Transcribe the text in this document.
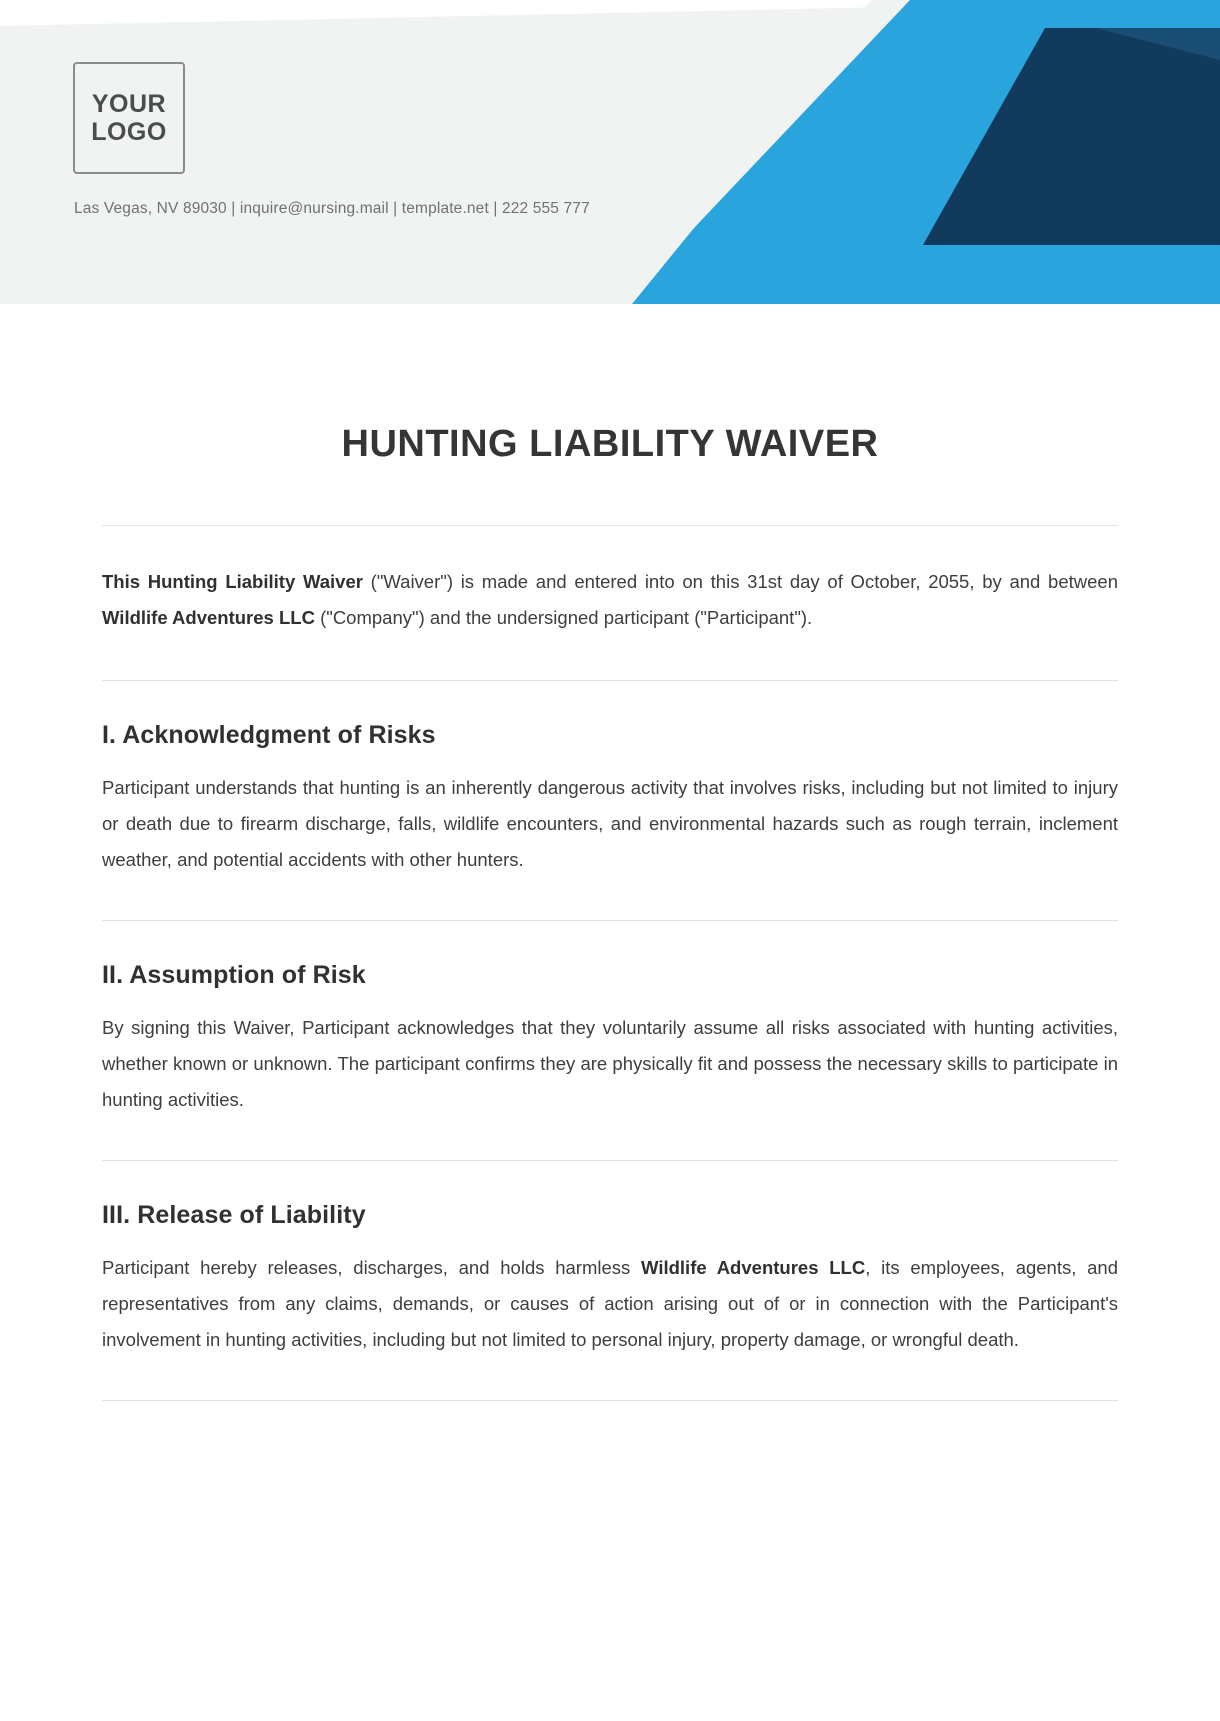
YOUR
LOGO
Las Vegas, NV 89030 | inquire@nursing.mail | template.net | 222 555 777
HUNTING LIABILITY WAIVER

This Hunting Liability Waiver ("Waiver") is made and entered into on this 31st day of October, 2055, by and between Wildlife Adventures LLC ("Company") and the undersigned participant ("Participant").

I. Acknowledgment of Risks

Participant understands that hunting is an inherently dangerous activity that involves risks, including but not limited to injury or death due to firearm discharge, falls, wildlife encounters, and environmental hazards such as rough terrain, inclement weather, and potential accidents with other hunters.

II. Assumption of Risk

By signing this Waiver, Participant acknowledges that they voluntarily assume all risks associated with hunting activities, whether known or unknown. The participant confirms they are physically fit and possess the necessary skills to participate in hunting activities.

III. Release of Liability

Participant hereby releases, discharges, and holds harmless Wildlife Adventures LLC, its employees, agents, and representatives from any claims, demands, or causes of action arising out of or in connection with the Participant's involvement in hunting activities, including but not limited to personal injury, property damage, or wrongful death.
